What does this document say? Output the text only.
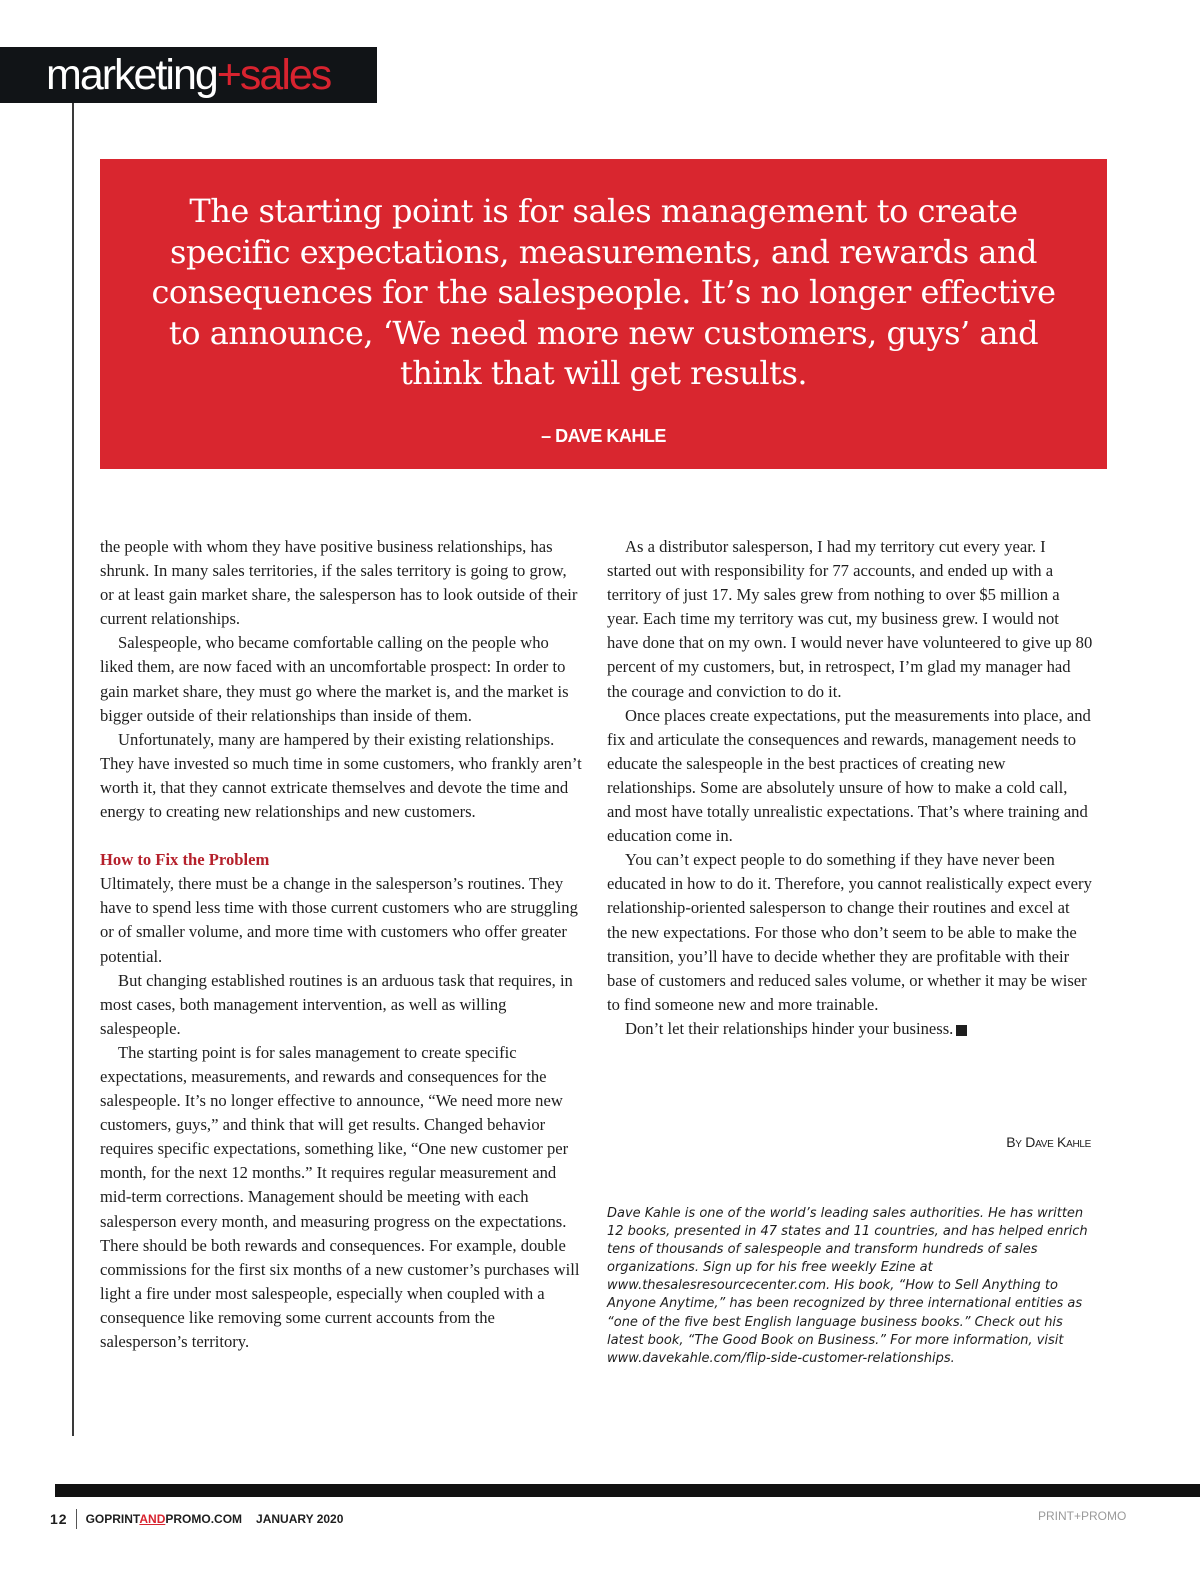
marketing+sales

The starting point is for sales management to create specific expectations, measurements, and rewards and consequences for the salespeople. It’s no longer effective to announce, ‘We need more new customers, guys’ and think that will get results.

– DAVE KAHLE

the people with whom they have positive business relationships, has shrunk. In many sales territories, if the sales territory is going to grow, or at least gain market share, the salesperson has to look outside of their current relationships.

Salespeople, who became comfortable calling on the people who liked them, are now faced with an uncomfortable prospect: In order to gain market share, they must go where the market is, and the market is bigger outside of their relationships than inside of them.

Unfortunately, many are hampered by their existing relationships. They have invested so much time in some customers, who frankly aren’t worth it, that they cannot extricate themselves and devote the time and energy to creating new relationships and new customers.

How to Fix the Problem

Ultimately, there must be a change in the salesperson’s routines. They have to spend less time with those current customers who are struggling or of smaller volume, and more time with customers who offer greater potential.

But changing established routines is an arduous task that requires, in most cases, both management intervention, as well as willing salespeople.

The starting point is for sales management to create specific expectations, measurements, and rewards and consequences for the salespeople. It’s no longer effective to announce, “We need more new customers, guys,” and think that will get results. Changed behavior requires specific expectations, something like, “One new customer per month, for the next 12 months.” It requires regular measurement and mid-term corrections. Management should be meeting with each salesperson every month, and measuring progress on the expectations. There should be both rewards and consequences. For example, double commissions for the first six months of a new customer’s purchases will light a fire under most salespeople, especially when coupled with a consequence like removing some current accounts from the salesperson’s territory.

As a distributor salesperson, I had my territory cut every year. I started out with responsibility for 77 accounts, and ended up with a territory of just 17. My sales grew from nothing to over $5 million a year. Each time my territory was cut, my business grew. I would not have done that on my own. I would never have volunteered to give up 80 percent of my customers, but, in retrospect, I’m glad my manager had the courage and conviction to do it.

Once places create expectations, put the measurements into place, and fix and articulate the consequences and rewards, management needs to educate the salespeople in the best practices of creating new relationships. Some are absolutely unsure of how to make a cold call, and most have totally unrealistic expectations. That’s where training and education come in.

You can’t expect people to do something if they have never been educated in how to do it. Therefore, you cannot realistically expect every relationship-oriented salesperson to change their routines and excel at the new expectations. For those who don’t seem to be able to make the transition, you’ll have to decide whether they are profitable with their base of customers and reduced sales volume, or whether it may be wiser to find someone new and more trainable.

Don’t let their relationships hinder your business. +

By Dave Kahle

Dave Kahle is one of the world’s leading sales authorities. He has written 12 books, presented in 47 states and 11 countries, and has helped enrich tens of thousands of salespeople and transform hundreds of sales organizations. Sign up for his free weekly Ezine at www.thesalesresourcecenter.com. His book, “How to Sell Anything to Anyone Anytime,” has been recognized by three international entities as “one of the five best English language business books.” Check out his latest book, “The Good Book on Business.” For more information, visit www.davekahle.com/flip-side-customer-relationships.

12 GOPRINTANDPROMO.COM JANUARY 2020	PRINT+PROMO
